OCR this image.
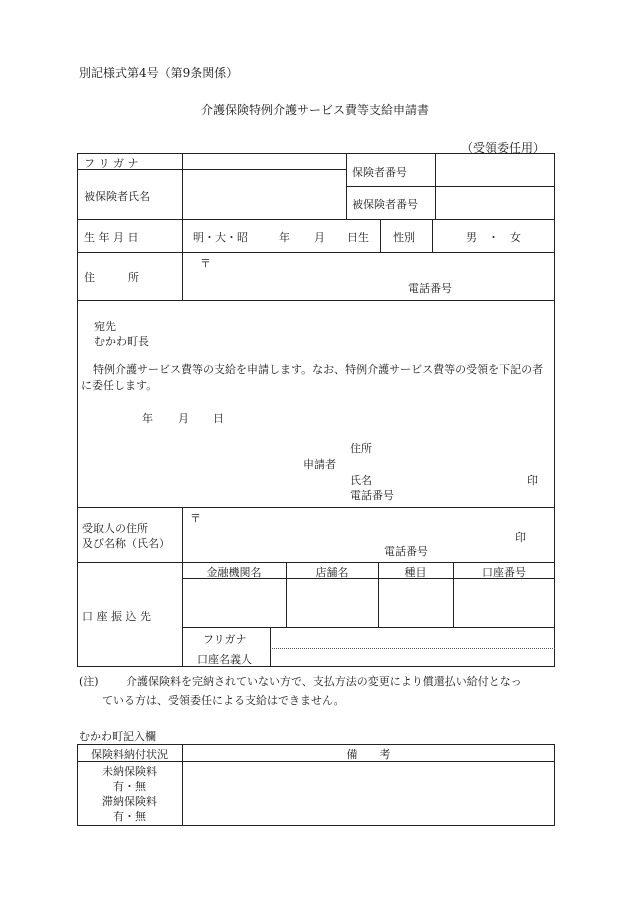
別記様式第4号（第9条関係）
介護保険特例介護サービス費等支給申請書
（受領委任用）
フ リ ガ ナ
被保険者氏名
保険者番号
被保険者番号
生 年 月 日	明・大・昭	年 月 日生 性別	男　・　女
住　　　所
〒
電話番号
宛先
むかわ町長
特例介護サービス費等の支給を申請します。なお、特例介護サービス費等の受領を下記の者に委任します。
年 月 日
住所
申請者
氏名	印
電話番号
受取人の住所
及び名称（氏名）
〒
印
電話番号
口 座 振 込 先
金融機関名	店舗名	種目	口座番号
フリガナ
口座名義人
(注) 介護保険料を完納されていない方で、支払方法の変更により償還払い給付となっ
ている方は、受領委任による支給はできません。
むかわ町記入欄
保険料納付状況	備　　考
未納保険料
有・無
滞納保険料
有・無
